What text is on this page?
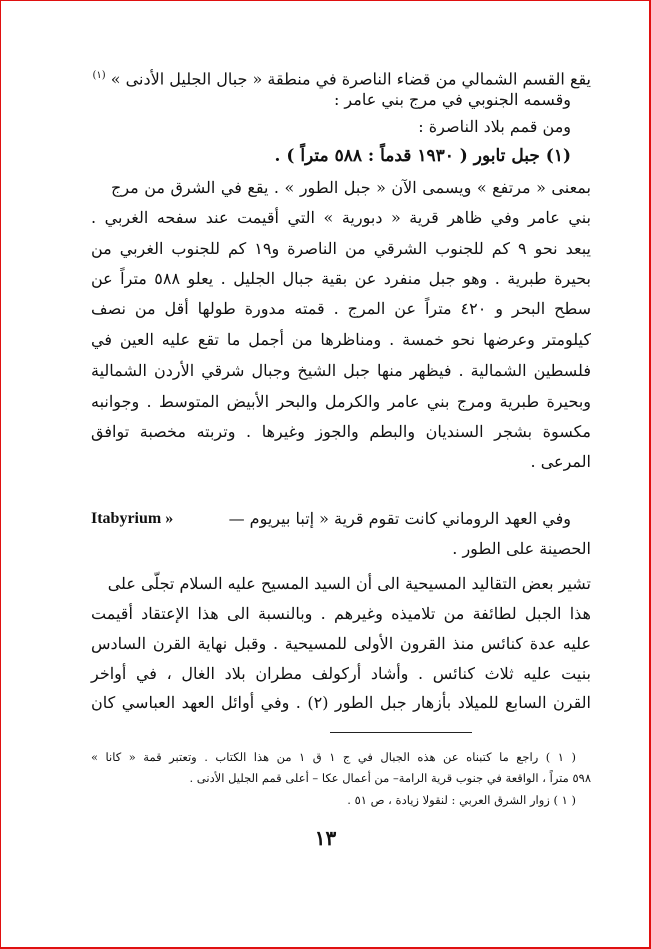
يقع القسم الشمالي من قضاء الناصرة في منطقة « جبال الجليل الأدنى » $^{(١)}$
وقسمه الجنوبي في مرج بني عامر :
ومن قمم بلاد الناصرة :
(١) جبل تابور ( ١٩٣٠ قدماً : ٥٨٨ متراً ) .
بمعنى « مرتفع » ويسمى الآن « جبل الطور » . يقع في الشرق من مرج
بني عامر وفي ظاهر قرية « دبورية » التي أقيمت عند سفحه الغربي .
يبعد نحو ٩ كم للجنوب الشرقي من الناصرة و١٩ كم للجنوب الغربي من
بحيرة طبرية . وهو جبل منفرد عن بقية جبال الجليل . يعلو ٥٨٨ متراً عن
سطح البحر و ٤٢٠ متراً عن المرج . قمته مدورة طولها أقل من نصف
كيلومتر وعرضها نحو خمسة . ومناظرها من أجمل ما تقع عليه العين في
فلسطين الشمالية . فيظهر منها جبل الشيخ وجبال شرقي الأردن الشمالية
وبحيرة طبرية ومرج بني عامر والكرمل والبحر الأبيض المتوسط . وجوانبه
مكسوة بشجر السنديان والبطم والجوز وغيرها . وتربته مخصبة توافق
المرعى .
وفي العهد الروماني كانت تقوم قرية « إتبا بيريوم —
Itabyrium »
الحصينة على الطور .
تشير بعض التقاليد المسيحية الى أن السيد المسيح عليه السلام تجلّى على
هذا الجبل لطائفة من تلاميذه وغيرهم . وبالنسبة الى هذا الإعتقاد أقيمت
عليه عدة كنائس منذ القرون الأولى للمسيحية . وقبل نهاية القرن السادس
بنيت عليه ثلاث كنائس . وأشاد أركولف مطران بلاد الغال ، في أواخر
القرن السابع للميلاد بأزهار جبل الطور (٢) . وفي أوائل العهد العباسي كان
( ١ ) راجع ما كتبناه عن هذه الجبال في ج ١ ق ١ من هذا الكتاب . وتعتبر قمة « كانا »
٥٩٨ متراً ، الواقعة في جنوب قرية الرامة– من أعمال عكا – أعلى قمم الجليل الأدنى .
( ١ ) زوار الشرق العربي : لنقولا زيادة ، ص ٥١ .
١٣
